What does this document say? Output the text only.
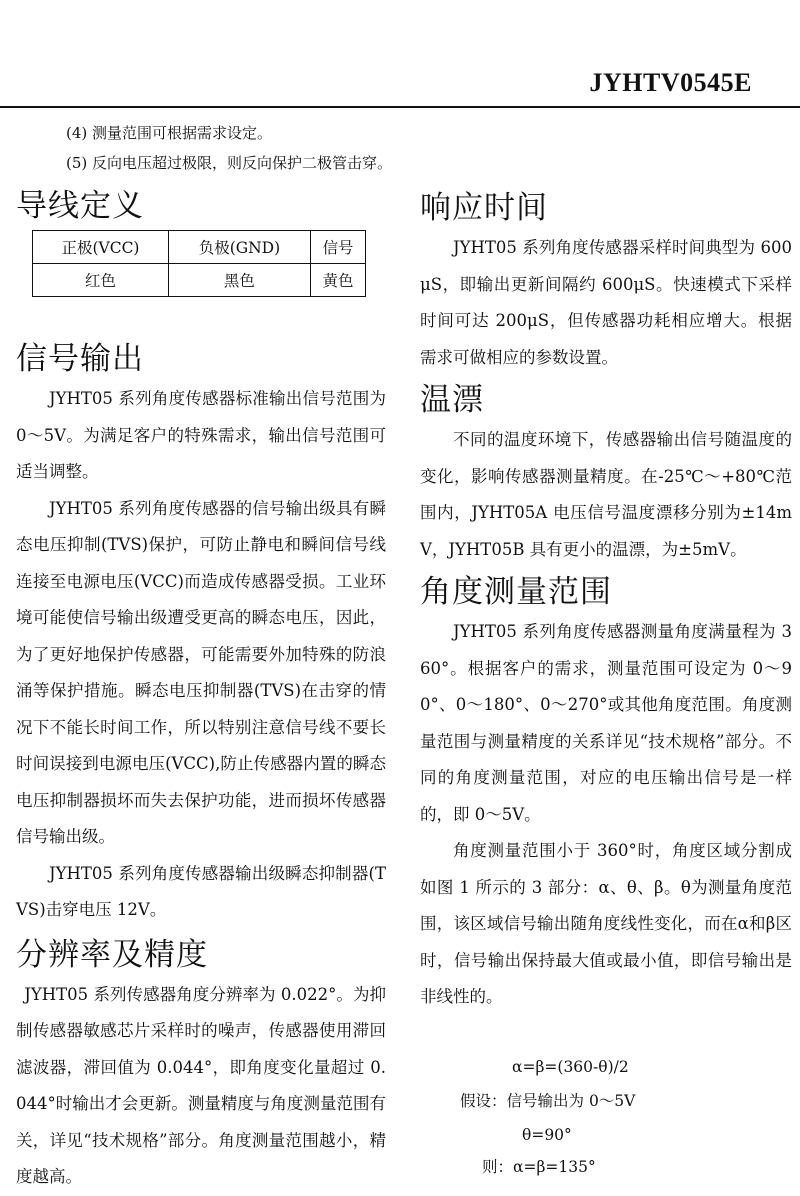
JYHTV0545E
(4) 测量范围可根据需求设定。
(5) 反向电压超过极限，则反向保护二极管击穿。
导线定义
正极(VCC)	负极(GND)	信号
红色	黑色	黄色
信号输出

JYHT05 系列角度传感器标准输出信号范围为 0～5V。为满足客户的特殊需求，输出信号范围可适当调整。

JYHT05 系列角度传感器的信号输出级具有瞬态电压抑制(TVS)保护，可防止静电和瞬间信号线连接至电源电压(VCC)而造成传感器受损。工业环境可能使信号输出级遭受更高的瞬态电压，因此，为了更好地保护传感器，可能需要外加特殊的防浪涌等保护措施。瞬态电压抑制器(TVS)在击穿的情况下不能长时间工作，所以特别注意信号线不要长时间误接到电源电压(VCC),防止传感器内置的瞬态电压抑制器损坏而失去保护功能，进而损坏传感器信号输出级。

JYHT05 系列角度传感器输出级瞬态抑制器(TVS)击穿电压 12V。

分辨率及精度

JYHT05 系列传感器角度分辨率为 0.022°。为抑制传感器敏感芯片采样时的噪声，传感器使用滞回滤波器，滞回值为 0.044°，即角度变化量超过 0.044°时输出才会更新。测量精度与角度测量范围有关，详见“技术规格”部分。角度测量范围越小，精度越高。

响应时间

JYHT05 系列角度传感器采样时间典型为 600μS，即输出更新间隔约 600μS。快速模式下采样时间可达 200μS，但传感器功耗相应增大。根据需求可做相应的参数设置。

温漂

不同的温度环境下，传感器输出信号随温度的变化，影响传感器测量精度。在-25℃～+80℃范围内，JYHT05A 电压信号温度漂移分别为±14mV，JYHT05B 具有更小的温漂，为±5mV。

角度测量范围

JYHT05 系列角度传感器测量角度满量程为 360°。根据客户的需求，测量范围可设定为 0～90°、0～180°、0～270°或其他角度范围。角度测量范围与测量精度的关系详见“技术规格”部分。不同的角度测量范围，对应的电压输出信号是一样的，即 0～5V。

角度测量范围小于 360°时，角度区域分割成如图 1 所示的 3 部分：α、θ、β。θ为测量角度范围，该区域信号输出随角度线性变化，而在α和β区时，信号输出保持最大值或最小值，即信号输出是非线性的。

α=β=(360-θ)/2
假设：信号输出为 0～5V
θ=90°
则：α=β=135°
